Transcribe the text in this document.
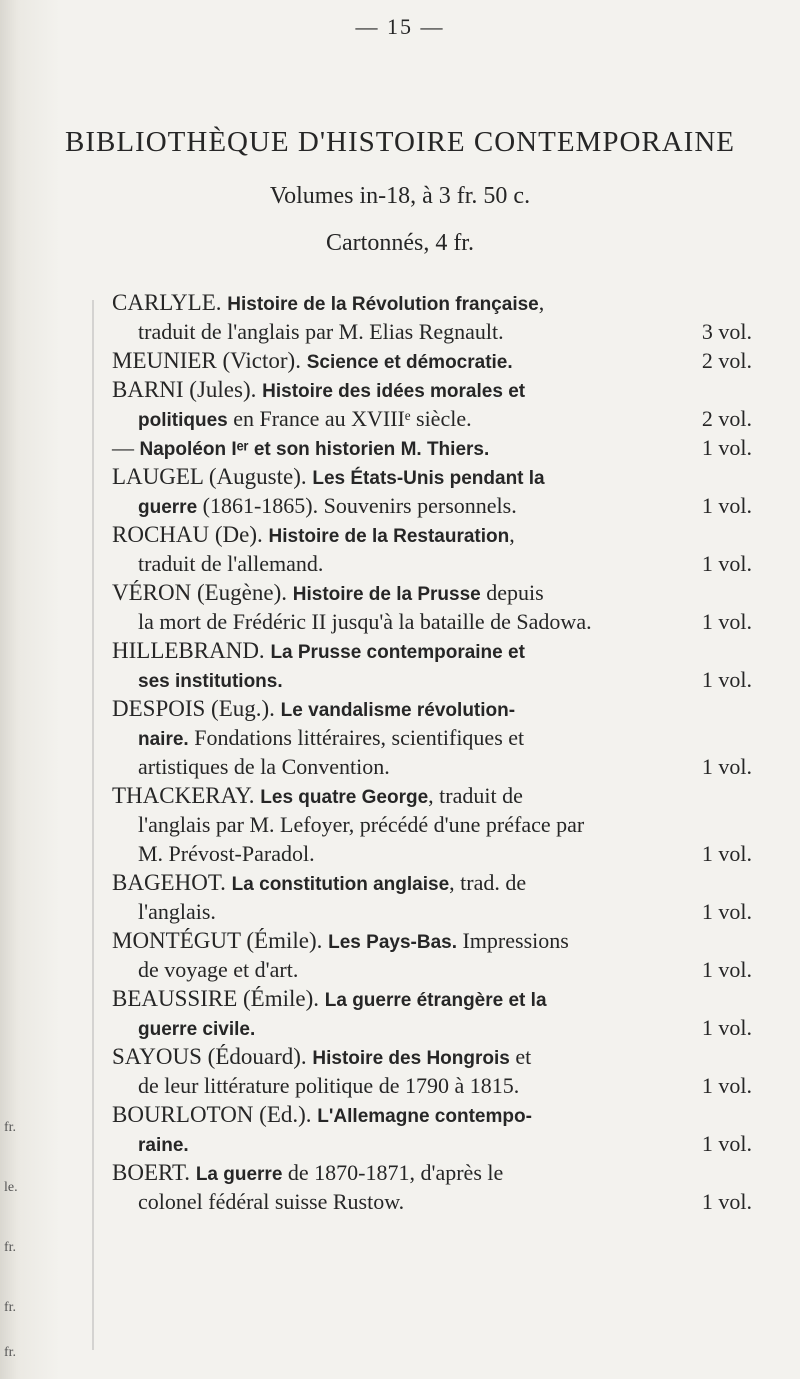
— 15 —
BIBLIOTHÈQUE D'HISTOIRE CONTEMPORAINE
Volumes in-18, à 3 fr. 50 c.
Cartonnés, 4 fr.
fr.
le.
fr.
fr.
fr.
CARLYLE. Histoire de la Révolution française,
traduit de l'anglais par M. Elias Regnault.	3 vol.
MEUNIER (Victor). Science et démocratie.	2 vol.
BARNI (Jules). Histoire des idées morales et
politiques en France au XVIIIᵉ siècle.	2 vol.
— Napoléon Iᵉʳ et son historien M. Thiers.	1 vol.
LAUGEL (Auguste). Les États-Unis pendant la
guerre (1861-1865). Souvenirs personnels.	1 vol.
ROCHAU (De). Histoire de la Restauration,
traduit de l'allemand.	1 vol.
VÉRON (Eugène). Histoire de la Prusse depuis
la mort de Frédéric II jusqu'à la bataille de Sadowa.	1 vol.
HILLEBRAND. La Prusse contemporaine et
ses institutions.	1 vol.
DESPOIS (Eug.). Le vandalisme révolution-
naire. Fondations littéraires, scientifiques et
artistiques de la Convention.	1 vol.
THACKERAY. Les quatre George, traduit de
l'anglais par M. Lefoyer, précédé d'une préface par
M. Prévost-Paradol.	1 vol.
BAGEHOT. La constitution anglaise, trad. de
l'anglais.	1 vol.
MONTÉGUT (Émile). Les Pays-Bas. Impressions
de voyage et d'art.	1 vol.
BEAUSSIRE (Émile). La guerre étrangère et la
guerre civile.	1 vol.
SAYOUS (Édouard). Histoire des Hongrois et
de leur littérature politique de 1790 à 1815.	1 vol.
BOURLOTON (Ed.). L'Allemagne contempo-
raine.	1 vol.
BOERT. La guerre de 1870-1871, d'après le
colonel fédéral suisse Rustow.	1 vol.
